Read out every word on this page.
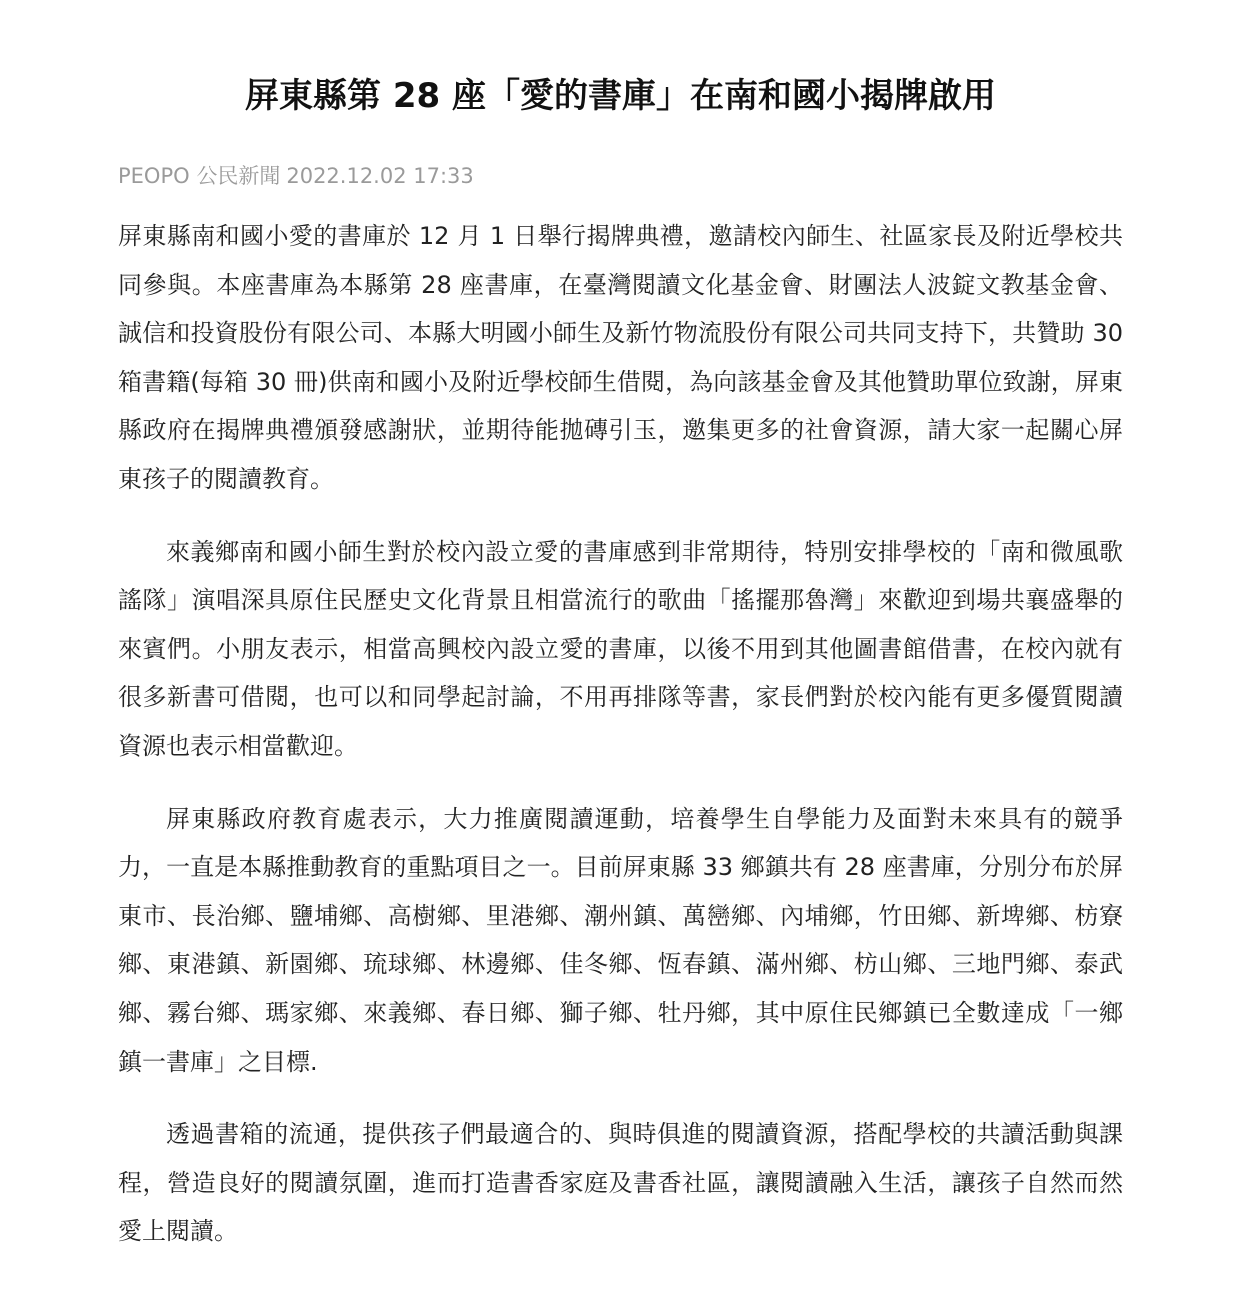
屏東縣第 28 座「愛的書庫」在南和國小揭牌啟用
PEOPO 公民新聞 2022.12.02 17:33

屏東縣南和國小愛的書庫於 12 月 1 日舉行揭牌典禮，邀請校內師生、社區家長及附近學校共同參與。本座書庫為本縣第 28 座書庫，在臺灣閱讀文化基金會、財團法人波錠文教基金會、誠信和投資股份有限公司、本縣大明國小師生及新竹物流股份有限公司共同支持下，共贊助 30 箱書籍(每箱 30 冊)供南和國小及附近學校師生借閱，為向該基金會及其他贊助單位致謝，屏東縣政府在揭牌典禮頒發感謝狀，並期待能拋磚引玉，邀集更多的社會資源，請大家一起關心屏東孩子的閱讀教育。

來義鄉南和國小師生對於校內設立愛的書庫感到非常期待，特別安排學校的「南和微風歌謠隊」演唱深具原住民歷史文化背景且相當流行的歌曲「搖擺那魯灣」來歡迎到場共襄盛舉的來賓們。小朋友表示，相當高興校內設立愛的書庫，以後不用到其他圖書館借書，在校內就有很多新書可借閱，也可以和同學起討論，不用再排隊等書，家長們對於校內能有更多優質閱讀資源也表示相當歡迎。

屏東縣政府教育處表示，大力推廣閱讀運動，培養學生自學能力及面對未來具有的競爭力，一直是本縣推動教育的重點項目之一。目前屏東縣 33 鄉鎮共有 28 座書庫，分別分布於屏東市、長治鄉、鹽埔鄉、高樹鄉、里港鄉、潮州鎮、萬巒鄉、內埔鄉，竹田鄉、新埤鄉、枋寮鄉、東港鎮、新園鄉、琉球鄉、林邊鄉、佳冬鄉、恆春鎮、滿州鄉、枋山鄉、三地門鄉、泰武鄉、霧台鄉、瑪家鄉、來義鄉、春日鄉、獅子鄉、牡丹鄉，其中原住民鄉鎮已全數達成「一鄉鎮一書庫」之目標.

透過書箱的流通，提供孩子們最適合的、與時俱進的閱讀資源，搭配學校的共讀活動與課程，營造良好的閱讀氛圍，進而打造書香家庭及書香社區，讓閱讀融入生活，讓孩子自然而然愛上閱讀。
